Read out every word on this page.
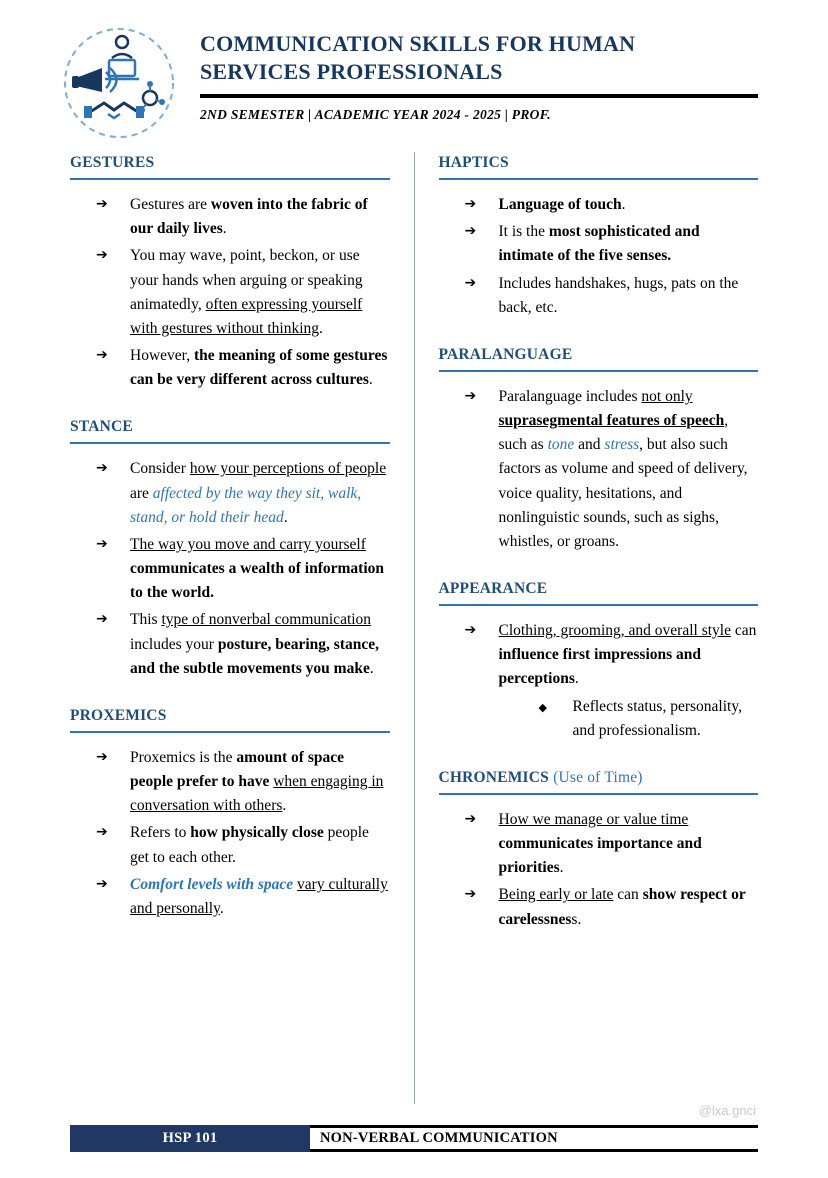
COMMUNICATION SKILLS FOR HUMAN
SERVICES PROFESSIONALS
2ND SEMESTER | ACADEMIC YEAR 2024 - 2025 | PROF.
GESTURES
➔	Gestures are woven into the fabric of our daily lives.
➔	You may wave, point, beckon, or use your hands when arguing or speaking animatedly, often expressing yourself with gestures without thinking.
➔	However, the meaning of some gestures can be very different across cultures.
STANCE
➔	Consider how your perceptions of people are affected by the way they sit, walk, stand, or hold their head.
➔	The way you move and carry yourself communicates a wealth of information to the world.
➔	This type of nonverbal communication includes your posture, bearing, stance, and the subtle movements you make.
PROXEMICS
➔	Proxemics is the amount of space people prefer to have when engaging in conversation with others.
➔	Refers to how physically close people get to each other.
➔	Comfort levels with space vary culturally and personally.
HAPTICS
➔	Language of touch.
➔	It is the most sophisticated and intimate of the five senses.
➔	Includes handshakes, hugs, pats on the back, etc.
PARALANGUAGE
➔	Paralanguage includes not only suprasegmental features of speech, such as tone and stress, but also such factors as volume and speed of delivery, voice quality, hesitations, and nonlinguistic sounds, such as sighs, whistles, or groans.
APPEARANCE
➔	Clothing, grooming, and overall style can influence first impressions and perceptions.
◆	Reflects status, personality, and professionalism.
CHRONEMICS (Use of Time)
➔	How we manage or value time communicates importance and priorities.
➔	Being early or late can show respect or carelessness.
@lxa.gnci
HSP 101	NON-VERBAL COMMUNICATION
